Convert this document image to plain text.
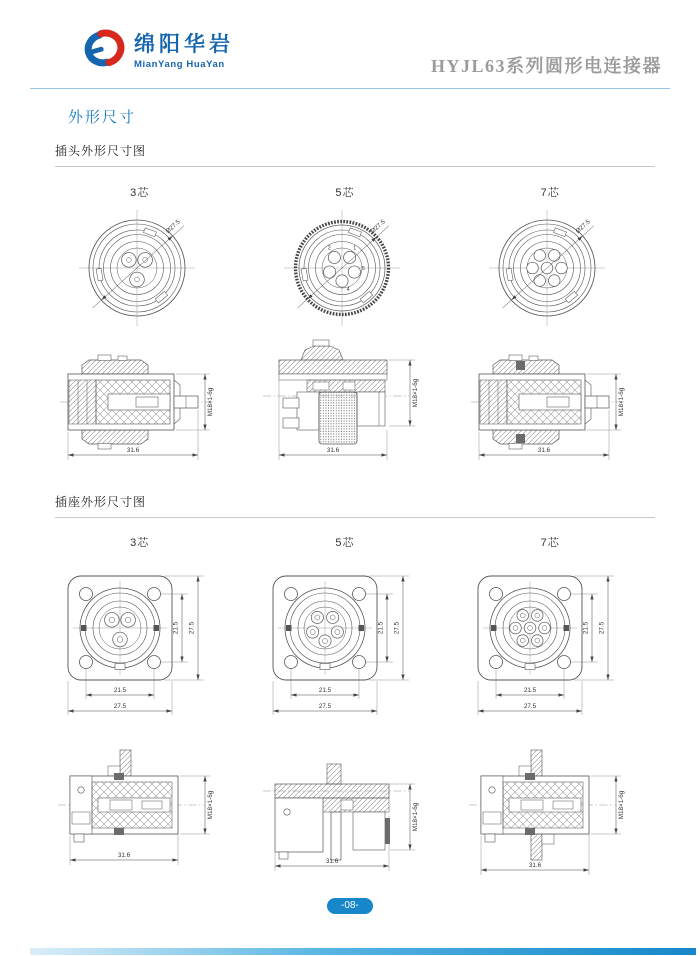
绵阳华岩
MianYang HuaYan	HYJL63系列圆形电连接器
外形尺寸
插头外形尺寸图
3芯	5芯	7芯
Ø27.5
1
2
5
4
Ø27.5	Ø27.5
M18×1-6g
31.6
M18×1-6g
31.6
M18×1-6g
31.6
插座外形尺寸图
3芯	5芯	7芯
21.5 27.5
21.5
27.5
21.5 27.5
21.5
27.5
21.5 27.5
21.5
27.5
M18×1-6g
31.6
M18×1-6g
31.6
M18×1-6g
31.6
-08-
